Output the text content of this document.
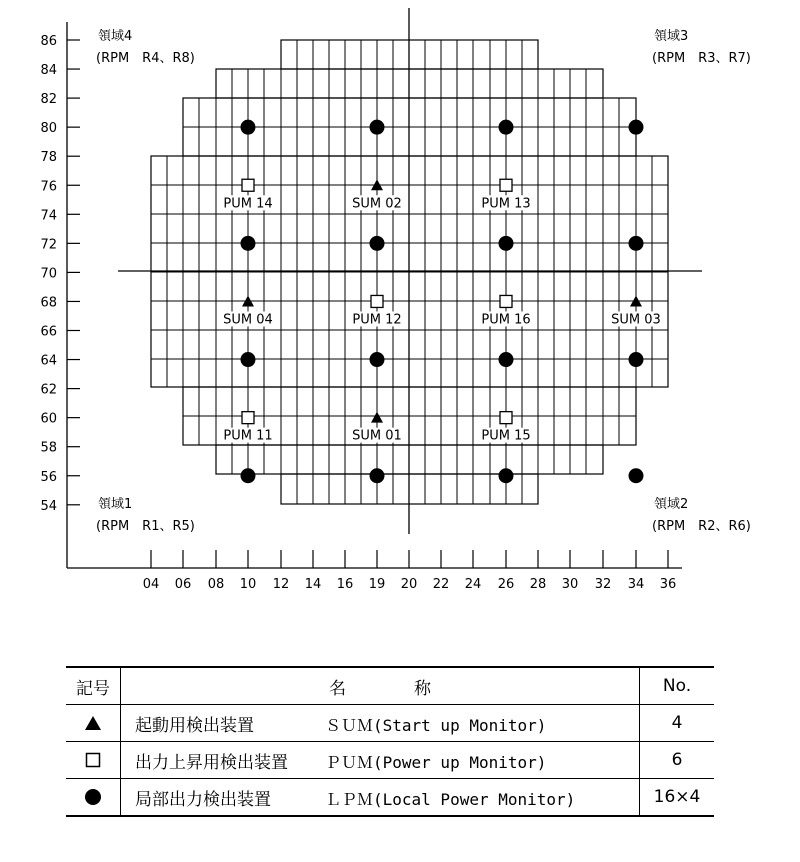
86
84
82
80
78
76
74
72
70
68
66
64
62
60
58
56
54
04 06 08 10 12 14 16 19 20 22 24 26 28 30 32 34 36
PUM 14	SUM 02	PUM 13
SUM 04	PUM 12	PUM 16	SUM 03
PUM 11	SUM 01	PUM 15
領域4
(RPM　R4、R8)
領域3
(RPM　R3、R7)
領域1
(RPM　R1、R5)
領域2
(RPM　R2、R6)
記号	名　　　　称	No.
	起動用検出装置 ＳＵＭ(Start up Monitor)	4
	出力上昇用検出装置 ＰＵＭ(Power up Monitor)	6
	局部出力検出装置 ＬＰＭ(Local Power Monitor)	16×4
